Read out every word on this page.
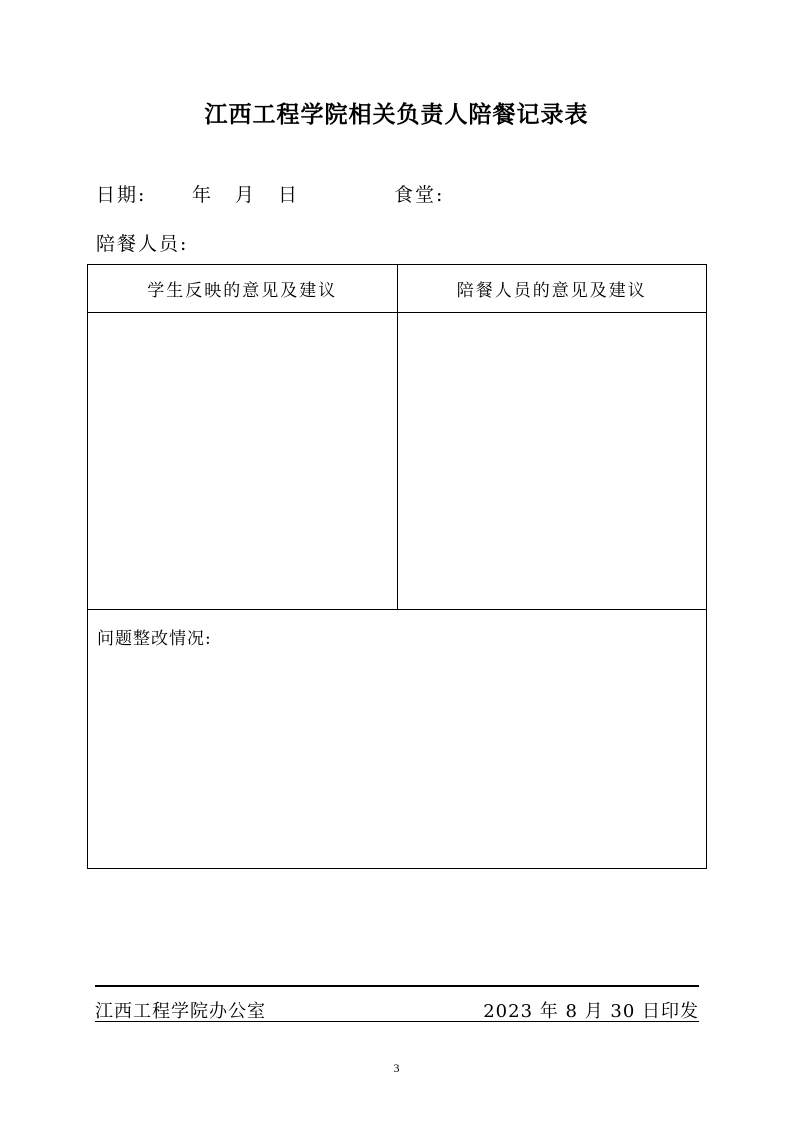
江西工程学院相关负责人陪餐记录表
日期: 年 月 日	食堂:
陪餐人员:
学生反映的意见及建议	陪餐人员的意见及建议

问题整改情况:	
江西工程学院办公室	2023 年 8 月 30 日印发
3
